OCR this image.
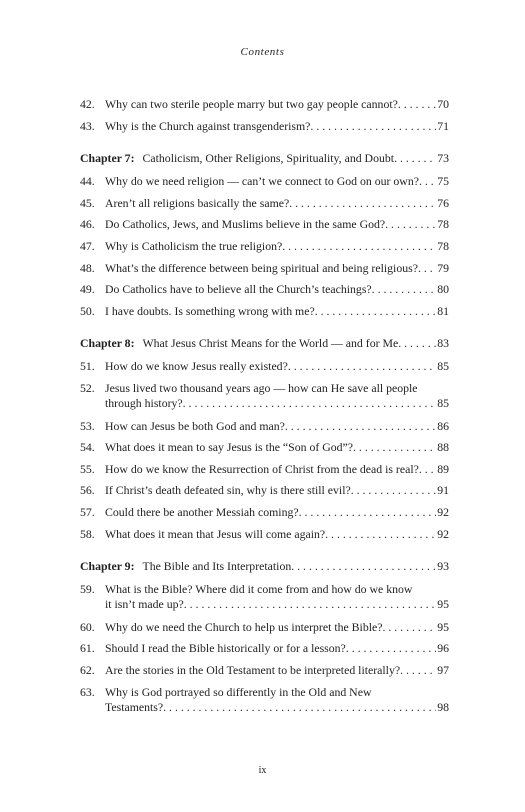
Contents
42. Why can two sterile people marry but two gay people cannot? . . .	70
43. Why is the Church against transgenderism? . . .	71
Chapter 7: Catholicism, Other Religions, Spirituality, and Doubt . . .	73
44. Why do we need religion — can’t we connect to God on our own? . . . 75
45. Aren’t all religions basically the same? . . .	76
46. Do Catholics, Jews, and Muslims believe in the same God? . . .	78
47. Why is Catholicism the true religion? . . .	78
48. What’s the difference between being spiritual and being religious? . . . 79
49. Do Catholics have to believe all the Church’s teachings? . . .	80
50. I have doubts. Is something wrong with me? . . .	81
Chapter 8: What Jesus Christ Means for the World — and for Me . . .	83
51. How do we know Jesus really existed? . . .	85
52. Jesus lived two thousand years ago — how can He save all people
through history? . . .	85
53. How can Jesus be both God and man? . . .	86
54. What does it mean to say Jesus is the “Son of God”? . . .	88
55. How do we know the Resurrection of Christ from the dead is real? . . . 89
56. If Christ’s death defeated sin, why is there still evil? . . .	91
57. Could there be another Messiah coming? . . .	92
58. What does it mean that Jesus will come again? . . .	92
Chapter 9: The Bible and Its Interpretation . . .	93
59. What is the Bible? Where did it come from and how do we know
it isn’t made up? . . .	95
60. Why do we need the Church to help us interpret the Bible? . . .	95
61. Should I read the Bible historically or for a lesson? . . .	96
62. Are the stories in the Old Testament to be interpreted literally? . . .	97
63. Why is God portrayed so differently in the Old and New
Testaments? . . .	98
ix
